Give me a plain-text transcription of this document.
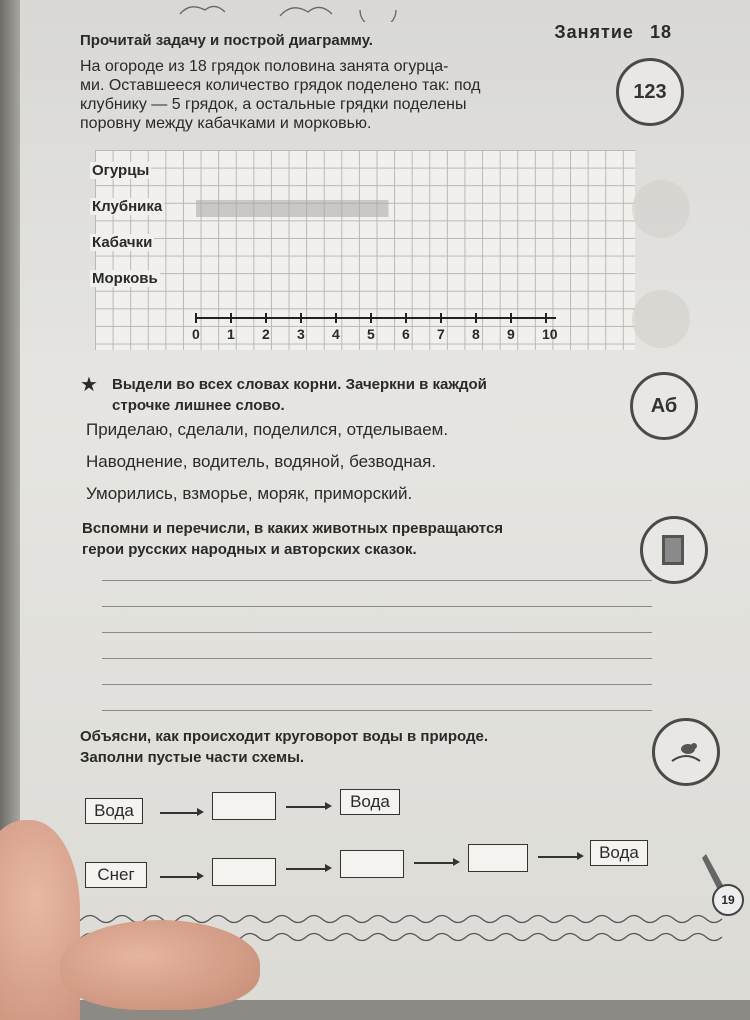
Занятие 18
Прочитай задачу и построй диаграмму.
На огороде из 18 грядок половина занята огурца-
ми. Оставшееся количество грядок поделено так: под
клубнику — 5 грядок, а остальные грядки поделены
поровну между кабачками и морковью.
123
★ Выдели во всех словах корни. Зачеркни в каждой
строчке лишнее слово.	Аб
Приделаю, сделали, поделился, отделываем.
Наводнение, водитель, водяной, безводная.
Уморились, взморье, моряк, приморский.
Вспомни и перечисли, в каких животных превращаются
герои русских народных и авторских сказок.
Объясни, как происходит круговорот воды в природе.
Заполни пустые части схемы.
Вода	Вода
Снег
Вода
19
0 1 2 3 4 5 6 7 8 9 10
Огурцы
Клубника
Кабачки
Морковь
